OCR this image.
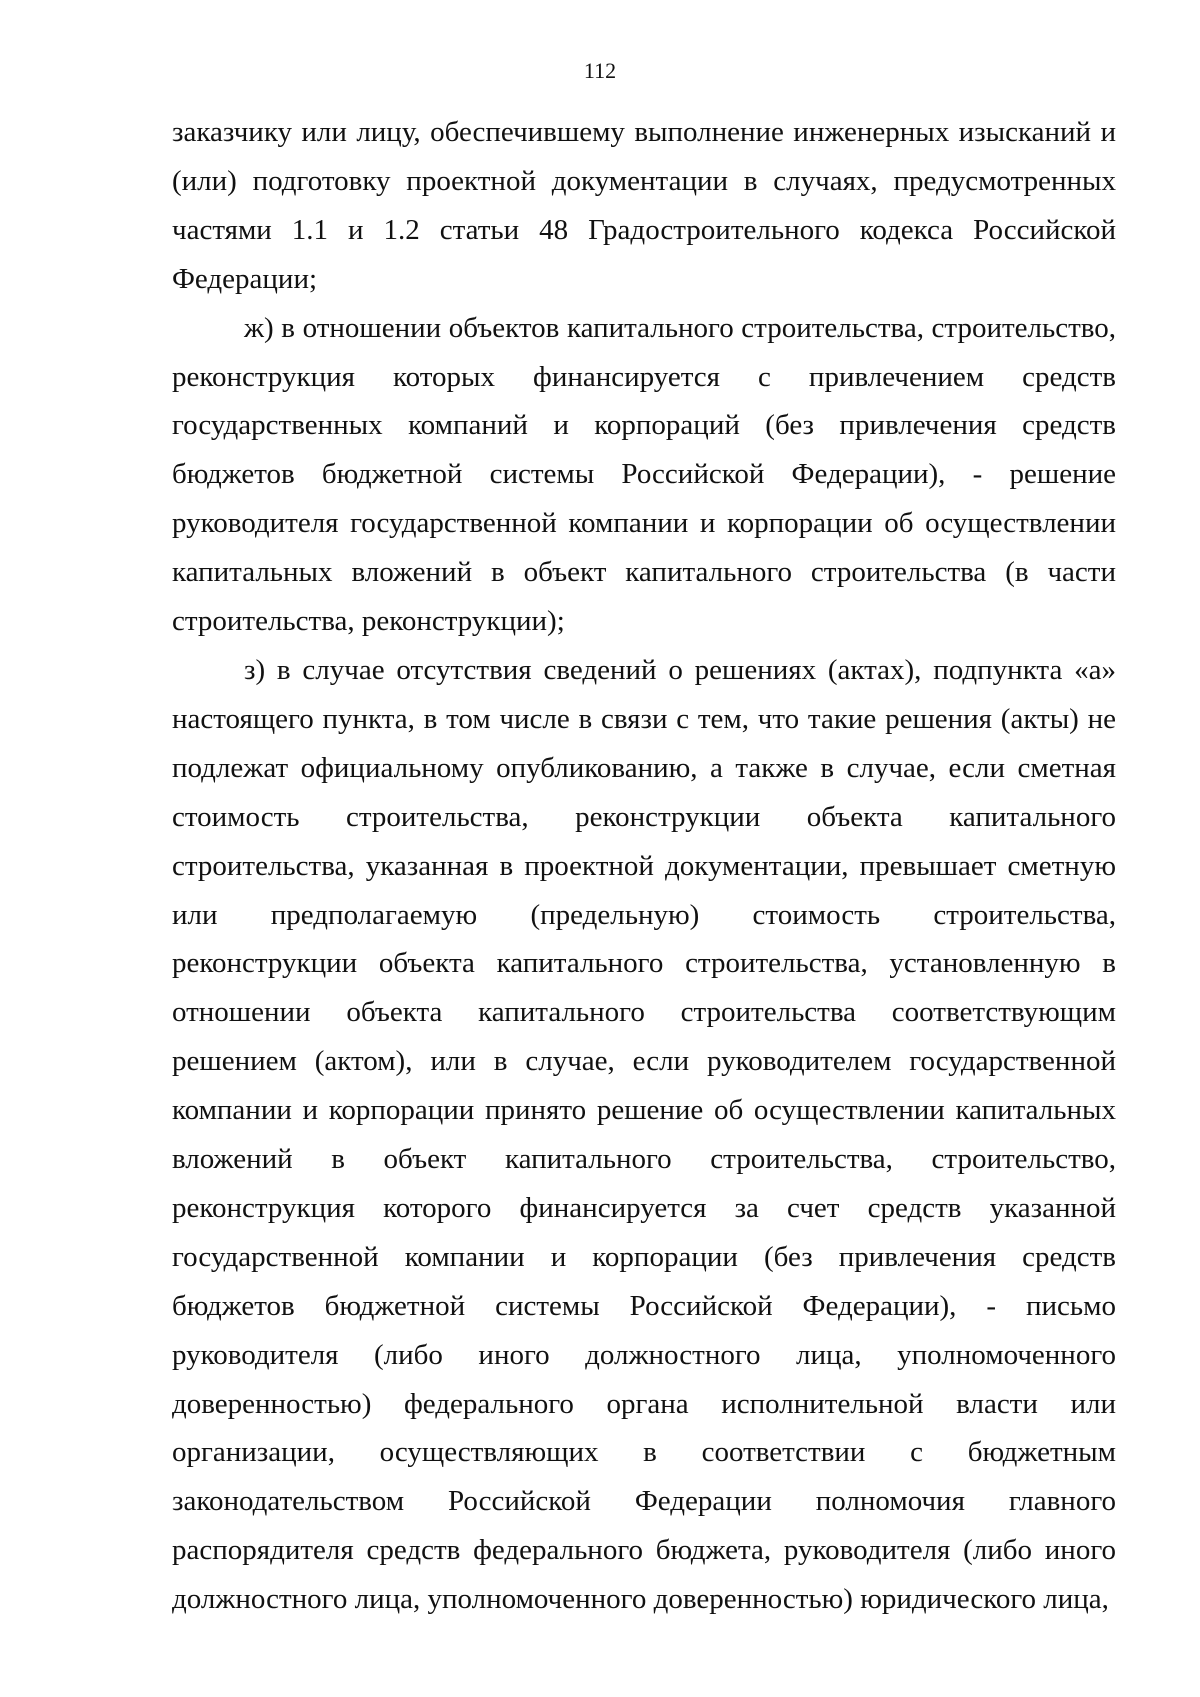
112

заказчику или лицу, обеспечившему выполнение инженерных изысканий и (или) подготовку проектной документации в случаях, предусмотренных частями 1.1 и 1.2 статьи 48 Градостроительного кодекса Российской Федерации;

ж) в отношении объектов капитального строительства, строительство, реконструкция которых финансируется с привлечением средств государственных компаний и корпораций (без привлечения средств бюджетов бюджетной системы Российской Федерации), - решение руководителя государственной компании и корпорации об осуществлении капитальных вложений в объект капитального строительства (в части строительства, реконструкции);

з) в случае отсутствия сведений о решениях (актах), подпункта «а» настоящего пункта, в том числе в связи с тем, что такие решения (акты) не подлежат официальному опубликованию, а также в случае, если сметная стоимость строительства, реконструкции объекта капитального строительства, указанная в проектной документации, превышает сметную или предполагаемую (предельную) стоимость строительства, реконструкции объекта капитального строительства, установленную в отношении объекта капитального строительства соответствующим решением (актом), или в случае, если руководителем государственной компании и корпорации принято решение об осуществлении капитальных вложений в объект капитального строительства, строительство, реконструкция которого финансируется за счет средств указанной государственной компании и корпорации (без привлечения средств бюджетов бюджетной системы Российской Федерации), - письмо руководителя (либо иного должностного лица, уполномоченного доверенностью) федерального органа исполнительной власти или организации, осуществляющих в соответствии с бюджетным законодательством Российской Федерации полномочия главного распорядителя средств федерального бюджета, руководителя (либо иного должностного лица, уполномоченного доверенностью) юридического лица,
